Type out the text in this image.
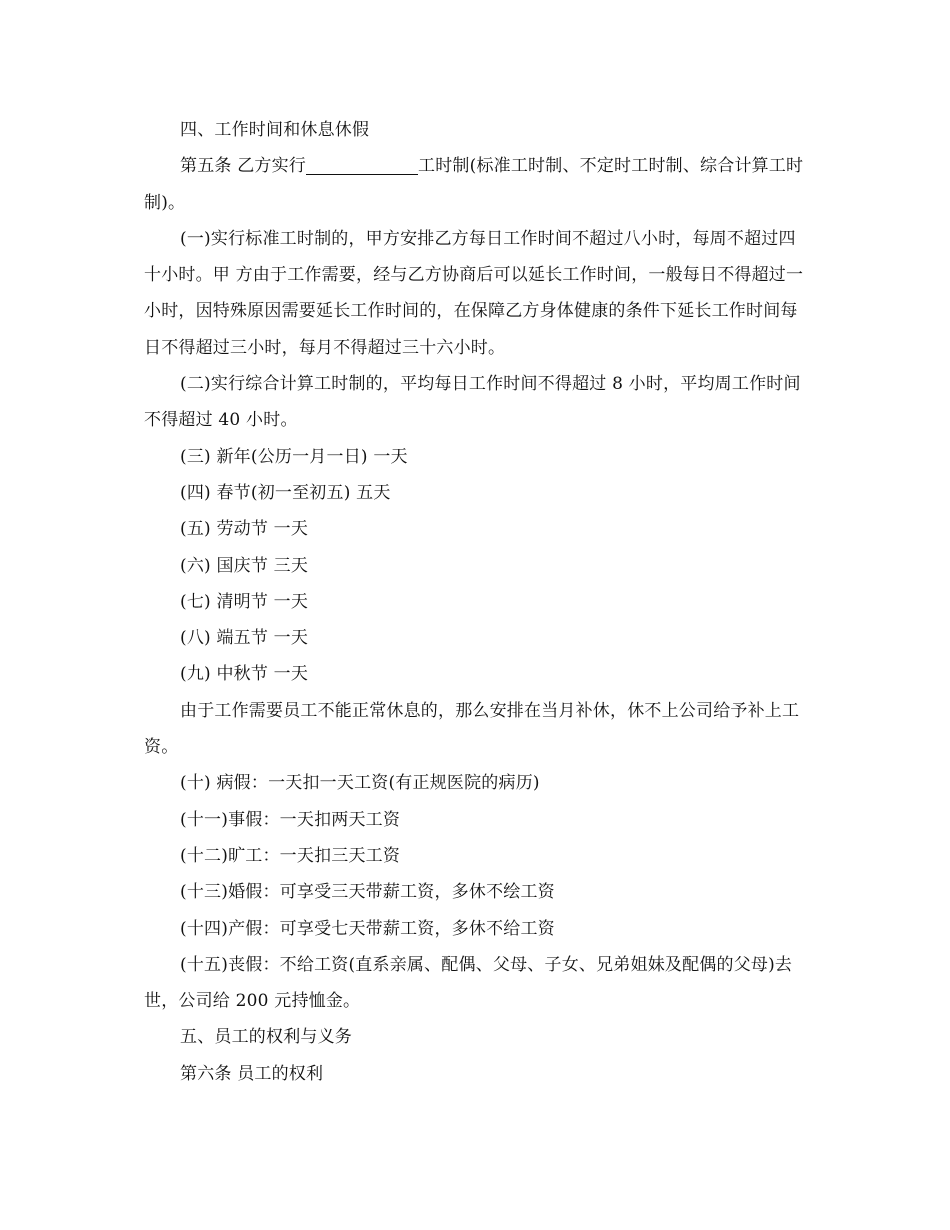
四、工作时间和休息休假

第五条 乙方实行	工时制(标准工时制、不定时工时制、综合计算工时制)。

(一)实行标准工时制的，甲方安排乙方每日工作时间不超过八小时，每周不超过四十小时。甲 方由于工作需要，经与乙方协商后可以延长工作时间，一般每日不得超过一小时，因特殊原因需要延长工作时间的，在保障乙方身体健康的条件下延长工作时间每日不得超过三小时，每月不得超过三十六小时。

(二)实行综合计算工时制的，平均每日工作时间不得超过 8 小时，平均周工作时间不得超过 40 小时。

(三) 新年(公历一月一日) 一天

(四) 春节(初一至初五) 五天

(五) 劳动节 一天

(六) 国庆节 三天

(七) 清明节 一天

(八) 端五节 一天

(九) 中秋节 一天

由于工作需要员工不能正常休息的，那么安排在当月补休，休不上公司给予补上工资。

(十) 病假：一天扣一天工资(有正规医院的病历)

(十一)事假：一天扣两天工资

(十二)旷工：一天扣三天工资

(十三)婚假：可享受三天带薪工资，多休不绘工资

(十四)产假：可享受七天带薪工资，多休不给工资

(十五)丧假：不给工资(直系亲属、配偶、父母、子女、兄弟姐妹及配偶的父母)去世，公司给 200 元持恤金。

五、员工的权利与义务

第六条 员工的权利
